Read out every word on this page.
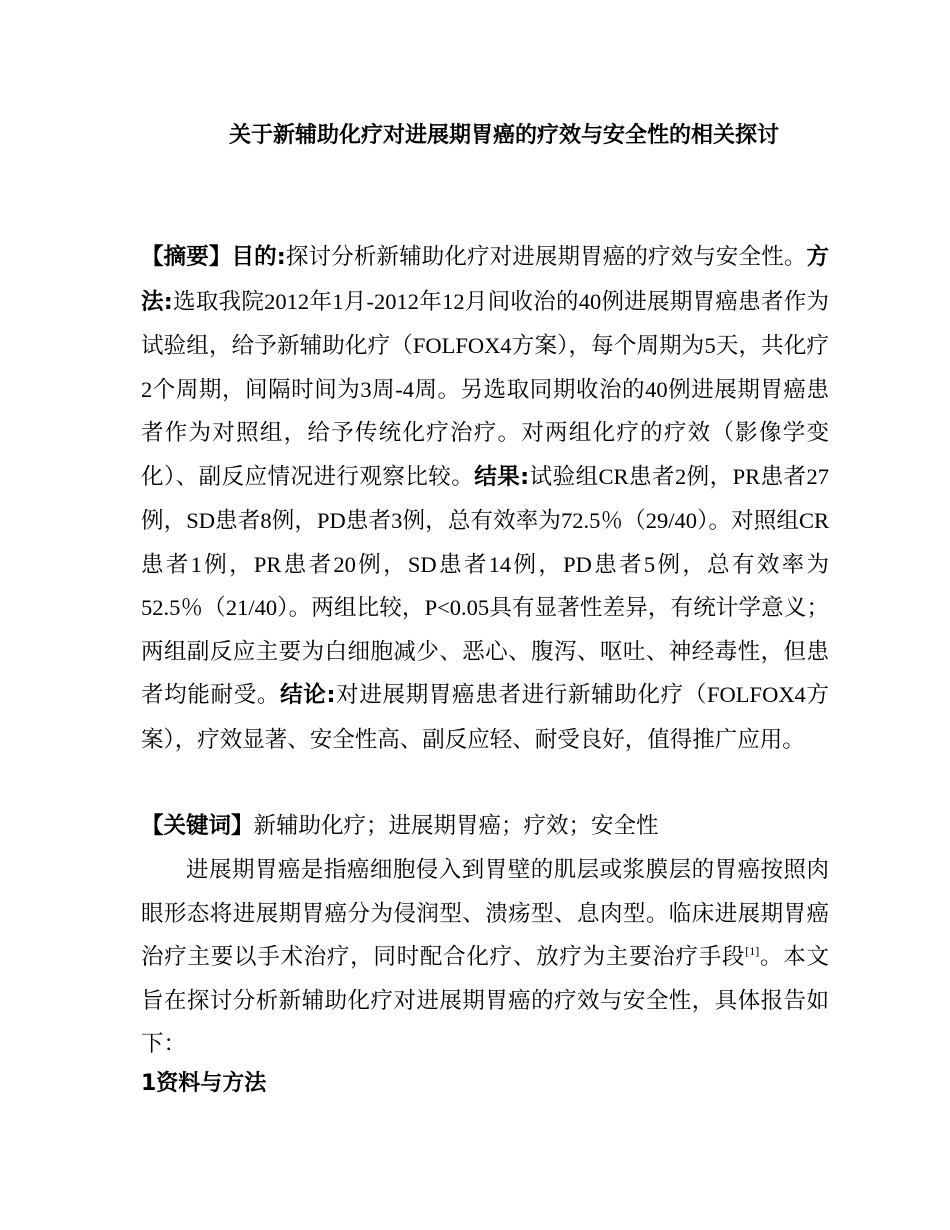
关于新辅助化疗对进展期胃癌的疗效与安全性的相关探讨

【摘要】目的:探讨分析新辅助化疗对进展期胃癌的疗效与安全性。方法:选取我院2012年1月-2012年12月间收治的40例进展期胃癌患者作为试验组，给予新辅助化疗（FOLFOX4方案），每个周期为5天，共化疗2个周期，间隔时间为3周-4周。另选取同期收治的40例进展期胃癌患者作为对照组，给予传统化疗治疗。对两组化疗的疗效（影像学变化）、副反应情况进行观察比较。结果:试验组CR患者2例，PR患者27例，SD患者8例，PD患者3例，总有效率为72.5％（29/40）。对照组CR患者1例，PR患者20例，SD患者14例，PD患者5例，总有效率为52.5％（21/40）。两组比较，P<0.05具有显著性差异，有统计学意义；两组副反应主要为白细胞减少、恶心、腹泻、呕吐、神经毒性，但患者均能耐受。结论:对进展期胃癌患者进行新辅助化疗（FOLFOX4方案），疗效显著、安全性高、副反应轻、耐受良好，值得推广应用。

【关键词】新辅助化疗；进展期胃癌；疗效；安全性

进展期胃癌是指癌细胞侵入到胃壁的肌层或浆膜层的胃癌按照肉眼形态将进展期胃癌分为侵润型、溃疡型、息肉型。临床进展期胃癌治疗主要以手术治疗，同时配合化疗、放疗为主要治疗手段[1]。本文旨在探讨分析新辅助化疗对进展期胃癌的疗效与安全性，具体报告如下：

1资料与方法
